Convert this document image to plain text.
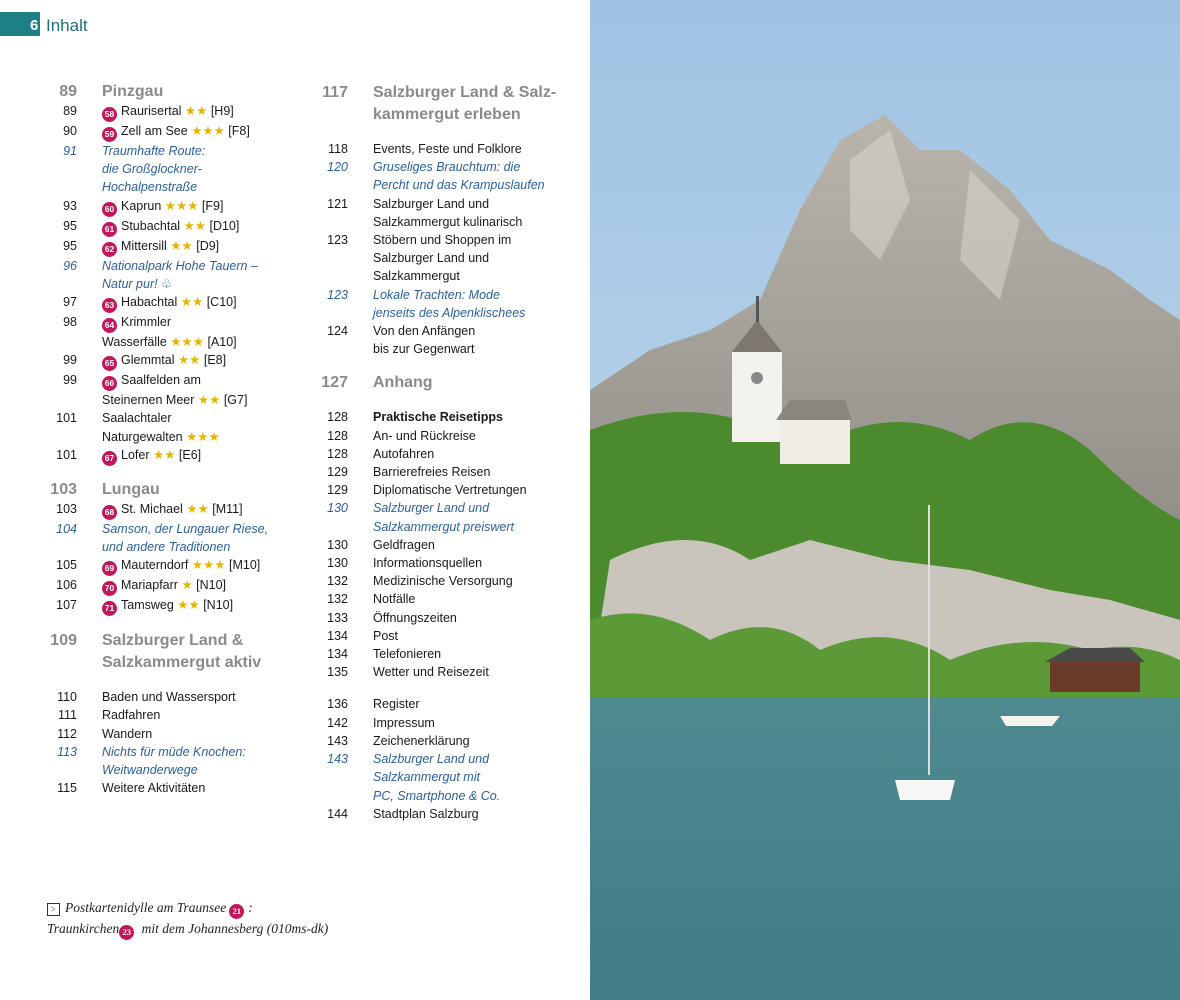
6 Inhalt
89	Pinzgau
89	58 Raurisertal ★★ [H9]
90	59 Zell am See ★★★ [F8]
91	Traumhafte Route:
die Großglockner-
Hochalpenstraße
93	60 Kaprun ★★★ [F9]
95	61 Stubachtal ★★ [D10]
95	62 Mittersill ★★ [D9]
96	Nationalpark Hohe Tauern –
Natur pur! ♧
97	63 Habachtal ★★ [C10]
98	64 Krimmler
Wasserfälle ★★★ [A10]
99	65 Glemmtal ★★ [E8]
99	66 Saalfelden am
Steinernen Meer ★★ [G7]
101	Saalachtaler
Naturgewalten ★★★
101	67 Lofer ★★ [E6]
103	Lungau
103	68 St. Michael ★★ [M11]
104	Samson, der Lungauer Riese,
und andere Traditionen
105	69 Mauterndorf ★★★ [M10]
106	70 Mariapfarr ★ [N10]
107	71 Tamsweg ★★ [N10]
109	Salzburger Land &
Salzkammergut aktiv
110	Baden und Wassersport
111	Radfahren
112	Wandern
113	Nichts für müde Knochen:
Weitwanderwege
115	Weitere Aktivitäten
117	Salzburger Land & Salz-
kammergut erleben
118	Events, Feste und Folklore
120	Gruseliges Brauchtum: die
Percht und das Krampuslaufen
121	Salzburger Land und
Salzkammergut kulinarisch
123	Stöbern und Shoppen im
Salzburger Land und
Salzkammergut
123	Lokale Trachten: Mode
jenseits des Alpenklischees
124	Von den Anfängen
bis zur Gegenwart
127	Anhang
128	Praktische Reisetipps
128	An- und Rückreise
128	Autofahren
129	Barrierefreies Reisen
129	Diplomatische Vertretungen
130	Salzburger Land und
Salzkammergut preiswert
130	Geldfragen
130	Informationsquellen
132	Medizinische Versorgung
132	Notfälle
133	Öffnungszeiten
134	Post
134	Telefonieren
135	Wetter und Reisezeit
136	Register
142	Impressum
143	Zeichenerklärung
143	Salzburger Land und
Salzkammergut mit
PC, Smartphone & Co.
144	Stadtplan Salzburg
> Postkartenidylle am Traunsee 21 :
Traunkirchen 23 mit dem Johannesberg (010ms-dk)
